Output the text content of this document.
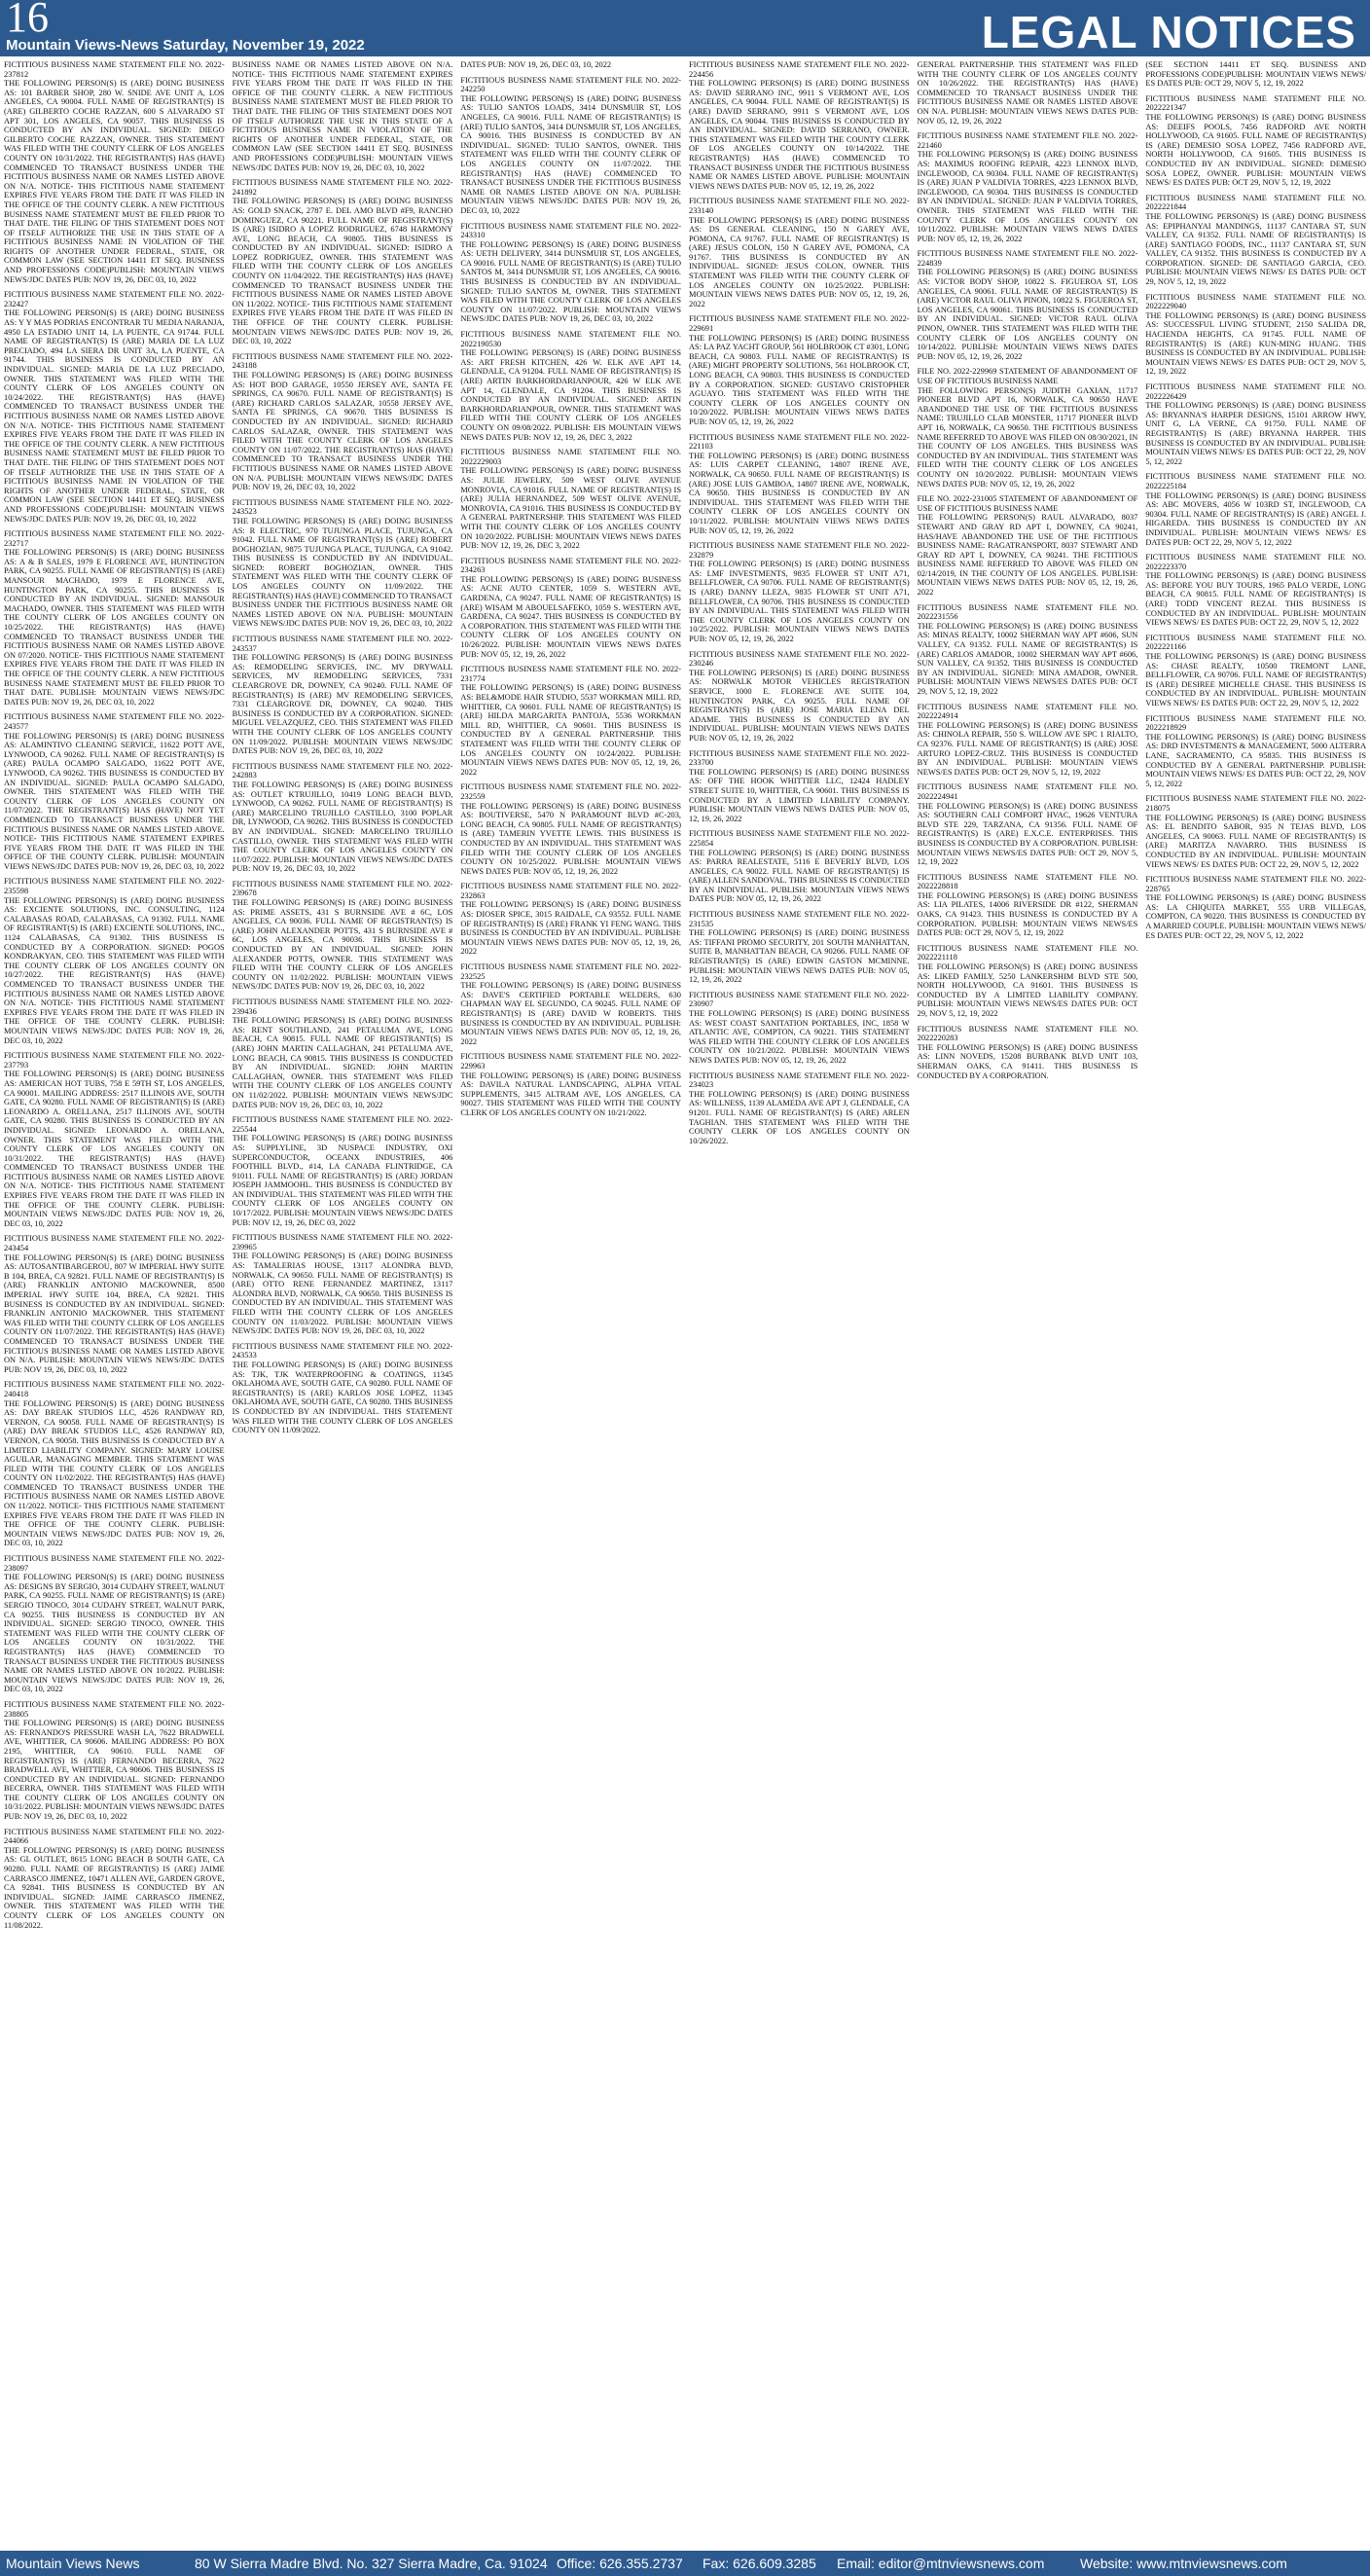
16
Mountain Views-News Saturday, November 19, 2022	LEGAL NOTICES
FICTITIOUS BUSINESS NAME STATEMENT FILE NO. 2022-237812
THE FOLLOWING PERSON(S) IS (ARE) DOING BUSINESS AS: 101 BARBER SHOP, 280 W. SNIDE AVE UNIT A, LOS ANGELES, CA 90004. FULL NAME OF REGISTRANT(S) IS (ARE) GILBERTO COCHE RAZZAN, 600 S ALVARADO ST APT 301, LOS ANGELES, CA 90057. THIS BUSINESS IS CONDUCTED BY AN INDIVIDUAL. SIGNED: DIEGO GILBERTO COCHE RAZZAN, OWNER. THIS STATEMENT WAS FILED WITH THE COUNTY CLERK OF LOS ANGELES COUNTY ON 10/31/2022. THE REGISTRANT(S) HAS (HAVE) COMMENCED TO TRANSACT BUSINESS UNDER THE FICTITIOUS BUSINESS NAME OR NAMES LISTED ABOVE ON N/A. NOTICE- THIS FICTITIOUS NAME STATEMENT EXPIRES FIVE YEARS FROM THE DATE IT WAS FILED IN THE OFFICE OF THE COUNTY CLERK. A NEW FICTITIOUS BUSINESS NAME STATEMENT MUST BE FILED PRIOR TO THAT DATE. THE FILING OF THIS STATEMENT DOES NOT OF ITSELF AUTHORIZE THE USE IN THIS STATE OF A FICTITIOUS BUSINESS NAME IN VIOLATION OF THE RIGHTS OF ANOTHER UNDER FEDERAL, STATE, OR COMMON LAW (SEE SECTION 14411 ET SEQ. BUSINESS AND PROFESSIONS CODE)PUBLISH: MOUNTAIN VIEWS NEWS/JDC DATES PUB: NOV 19, 26, DEC 03, 10, 2022
FICTITIOUS BUSINESS NAME STATEMENT FILE NO. 2022-232427
THE FOLLOWING PERSON(S) IS (ARE) DOING BUSINESS AS: Y Y MAS PODRIAS ENCONTRAR TU MEDIA NARANJA, 4950 LA ESTADIO UNIT 14, LA PUENTE, CA 91744. FULL NAME OF REGISTRANT(S) IS (ARE) MARIA DE LA LUZ PRECIADO, 494 LA SIERA DR UNIT 3A, LA PUENTE, CA 91744. THIS BUSINESS IS CONDUCTED BY AN INDIVIDUAL. SIGNED: MARIA DE LA LUZ PRECIADO, OWNER. THIS STATEMENT WAS FILED WITH THE COUNTY CLERK OF LOS ANGELES COUNTY ON 10/24/2022. THE REGISTRANT(S) HAS (HAVE) COMMENCED TO TRANSACT BUSINESS UNDER THE FICTITIOUS BUSINESS NAME OR NAMES LISTED ABOVE ON N/A. NOTICE- THIS FICTITIOUS NAME STATEMENT EXPIRES FIVE YEARS FROM THE DATE IT WAS FILED IN THE OFFICE OF THE COUNTY CLERK. A NEW FICTITIOUS BUSINESS NAME STATEMENT MUST BE FILED PRIOR TO THAT DATE. THE FILING OF THIS STATEMENT DOES NOT OF ITSELF AUTHORIZE THE USE IN THIS STATE OF A FICTITIOUS BUSINESS NAME IN VIOLATION OF THE RIGHTS OF ANOTHER UNDER FEDERAL, STATE, OR COMMON LAW (SEE SECTION 14411 ET SEQ. BUSINESS AND PROFESSIONS CODE)PUBLISH: MOUNTAIN VIEWS NEWS/JDC DATES PUB: NOV 19, 26, DEC 03, 10, 2022
FICTITIOUS BUSINESS NAME STATEMENT FILE NO. 2022-232717
THE FOLLOWING PERSON(S) IS (ARE) DOING BUSINESS AS: A & B SALES, 1979 E FLORENCE AVE, HUNTINGTON PARK, CA 90255. FULL NAME OF REGISTRANT(S) IS (ARE) MANSOUR MACHADO, 1979 E FLORENCE AVE, HUNTINGTON PARK, CA 90255. THIS BUSINESS IS CONDUCTED BY AN INDIVIDUAL. SIGNED: MANSOUR MACHADO, OWNER. THIS STATEMENT WAS FILED WITH THE COUNTY CLERK OF LOS ANGELES COUNTY ON 10/25/2022. THE REGISTRANT(S) HAS (HAVE) COMMENCED TO TRANSACT BUSINESS UNDER THE FICTITIOUS BUSINESS NAME OR NAMES LISTED ABOVE ON 07/2020. NOTICE- THIS FICTITIOUS NAME STATEMENT EXPIRES FIVE YEARS FROM THE DATE IT WAS FILED IN THE OFFICE OF THE COUNTY CLERK. A NEW FICTITIOUS BUSINESS NAME STATEMENT MUST BE FILED PRIOR TO THAT DATE. PUBLISH: MOUNTAIN VIEWS NEWS/JDC DATES PUB: NOV 19, 26, DEC 03, 10, 2022
FICTITIOUS BUSINESS NAME STATEMENT FILE NO. 2022-243577
THE FOLLOWING PERSON(S) IS (ARE) DOING BUSINESS AS: ALAMINTIVO CLEANING SERVICE, 11622 POTT AVE, LYNWOOD, CA 90262. FULL NAME OF REGISTRANT(S) IS (ARE) PAULA OCAMPO SALGADO, 11622 POTT AVE, LYNWOOD, CA 90262. THIS BUSINESS IS CONDUCTED BY AN INDIVIDUAL. SIGNED: PAULA OCAMPO SALGADO, OWNER. THIS STATEMENT WAS FILED WITH THE COUNTY CLERK OF LOS ANGELES COUNTY ON 11/07/2022. THE REGISTRANT(S) HAS (HAVE) NOT YET COMMENCED TO TRANSACT BUSINESS UNDER THE FICTITIOUS BUSINESS NAME OR NAMES LISTED ABOVE. NOTICE- THIS FICTITIOUS NAME STATEMENT EXPIRES FIVE YEARS FROM THE DATE IT WAS FILED IN THE OFFICE OF THE COUNTY CLERK. PUBLISH: MOUNTAIN VIEWS NEWS/JDC DATES PUB: NOV 19, 26, DEC 03, 10, 2022
FICTITIOUS BUSINESS NAME STATEMENT FILE NO. 2022-235598
THE FOLLOWING PERSON(S) IS (ARE) DOING BUSINESS AS: EXCIENTE SOLUTIONS, INC. CONSULTING, 1124 CALABASAS ROAD, CALABASAS, CA 91302. FULL NAME OF REGISTRANT(S) IS (ARE) EXCIENTE SOLUTIONS, INC., 1124 CALABASAS, CA 91302. THIS BUSINESS IS CONDUCTED BY A CORPORATION. SIGNED: POGOS KONDRAKYAN, CEO. THIS STATEMENT WAS FILED WITH THE COUNTY CLERK OF LOS ANGELES COUNTY ON 10/27/2022. THE REGISTRANT(S) HAS (HAVE) COMMENCED TO TRANSACT BUSINESS UNDER THE FICTITIOUS BUSINESS NAME OR NAMES LISTED ABOVE ON N/A. NOTICE- THIS FICTITIOUS NAME STATEMENT EXPIRES FIVE YEARS FROM THE DATE IT WAS FILED IN THE OFFICE OF THE COUNTY CLERK. PUBLISH: MOUNTAIN VIEWS NEWS/JDC DATES PUB: NOV 19, 26, DEC 03, 10, 2022
FICTITIOUS BUSINESS NAME STATEMENT FILE NO. 2022-237793
THE FOLLOWING PERSON(S) IS (ARE) DOING BUSINESS AS: AMERICAN HOT TUBS, 758 E 59TH ST, LOS ANGELES, CA 90001. MAILING ADDRESS: 2517 ILLINOIS AVE, SOUTH GATE, CA 90280. FULL NAME OF REGISTRANT(S) IS (ARE) LEONARDO A. ORELLANA, 2517 ILLINOIS AVE, SOUTH GATE, CA 90280. THIS BUSINESS IS CONDUCTED BY AN INDIVIDUAL. SIGNED: LEONARDO A. ORELLANA, OWNER. THIS STATEMENT WAS FILED WITH THE COUNTY CLERK OF LOS ANGELES COUNTY ON 10/31/2022. THE REGISTRANT(S) HAS (HAVE) COMMENCED TO TRANSACT BUSINESS UNDER THE FICTITIOUS BUSINESS NAME OR NAMES LISTED ABOVE ON N/A. NOTICE- THIS FICTITIOUS NAME STATEMENT EXPIRES FIVE YEARS FROM THE DATE IT WAS FILED IN THE OFFICE OF THE COUNTY CLERK. PUBLISH: MOUNTAIN VIEWS NEWS/JDC DATES PUB: NOV 19, 26, DEC 03, 10, 2022
FICTITIOUS BUSINESS NAME STATEMENT FILE NO. 2022-243454
THE FOLLOWING PERSON(S) IS (ARE) DOING BUSINESS AS: AUTOSANTIBARGEROU, 807 W IMPERIAL HWY SUITE B 104, BREA, CA 92821. FULL NAME OF REGISTRANT(S) IS (ARE) FRANKLIN ANTONIO MACKOWNER, 8500 IMPERIAL HWY SUITE 104, BREA, CA 92821. THIS BUSINESS IS CONDUCTED BY AN INDIVIDUAL. SIGNED: FRANKLIN ANTONIO MACKOWNER. THIS STATEMENT WAS FILED WITH THE COUNTY CLERK OF LOS ANGELES COUNTY ON 11/07/2022. THE REGISTRANT(S) HAS (HAVE) COMMENCED TO TRANSACT BUSINESS UNDER THE FICTITIOUS BUSINESS NAME OR NAMES LISTED ABOVE ON N/A. PUBLISH: MOUNTAIN VIEWS NEWS/JDC DATES PUB: NOV 19, 26, DEC 03, 10, 2022
FICTITIOUS BUSINESS NAME STATEMENT FILE NO. 2022-240418
THE FOLLOWING PERSON(S) IS (ARE) DOING BUSINESS AS: DAY BREAK STUDIOS LLC, 4526 RANDWAY RD, VERNON, CA 90058. FULL NAME OF REGISTRANT(S) IS (ARE) DAY BREAK STUDIOS LLC, 4526 RANDWAY RD, VERNON, CA 90058. THIS BUSINESS IS CONDUCTED BY A LIMITED LIABILITY COMPANY. SIGNED: MARY LOUISE AGUILAR, MANAGING MEMBER. THIS STATEMENT WAS FILED WITH THE COUNTY CLERK OF LOS ANGELES COUNTY ON 11/02/2022. THE REGISTRANT(S) HAS (HAVE) COMMENCED TO TRANSACT BUSINESS UNDER THE FICTITIOUS BUSINESS NAME OR NAMES LISTED ABOVE ON 11/2022. NOTICE- THIS FICTITIOUS NAME STATEMENT EXPIRES FIVE YEARS FROM THE DATE IT WAS FILED IN THE OFFICE OF THE COUNTY CLERK. PUBLISH: MOUNTAIN VIEWS NEWS/JDC DATES PUB: NOV 19, 26, DEC 03, 10, 2022
FICTITIOUS BUSINESS NAME STATEMENT FILE NO. 2022-238097
THE FOLLOWING PERSON(S) IS (ARE) DOING BUSINESS AS: DESIGNS BY SERGIO, 3014 CUDAHY STREET, WALNUT PARK, CA 90255. FULL NAME OF REGISTRANT(S) IS (ARE) SERGIO TINOCO, 3014 CUDAHY STREET, WALNUT PARK, CA 90255. THIS BUSINESS IS CONDUCTED BY AN INDIVIDUAL. SIGNED: SERGIO TINOCO, OWNER. THIS STATEMENT WAS FILED WITH THE COUNTY CLERK OF LOS ANGELES COUNTY ON 10/31/2022. THE REGISTRANT(S) HAS (HAVE) COMMENCED TO TRANSACT BUSINESS UNDER THE FICTITIOUS BUSINESS NAME OR NAMES LISTED ABOVE ON 10/2022. PUBLISH: MOUNTAIN VIEWS NEWS/JDC DATES PUB: NOV 19, 26, DEC 03, 10, 2022
FICTITIOUS BUSINESS NAME STATEMENT FILE NO. 2022-238805
THE FOLLOWING PERSON(S) IS (ARE) DOING BUSINESS AS: FERNANDO'S PRESSURE WASH LA, 7622 BRADWELL AVE, WHITTIER, CA 90606. MAILING ADDRESS: PO BOX 2195, WHITTIER, CA 90610. FULL NAME OF REGISTRANT(S) IS (ARE) FERNANDO BECERRA, 7622 BRADWELL AVE, WHITTIER, CA 90606. THIS BUSINESS IS CONDUCTED BY AN INDIVIDUAL. SIGNED: FERNANDO BECERRA, OWNER. THIS STATEMENT WAS FILED WITH THE COUNTY CLERK OF LOS ANGELES COUNTY ON 10/31/2022. PUBLISH: MOUNTAIN VIEWS NEWS/JDC DATES PUB: NOV 19, 26, DEC 03, 10, 2022
FICTITIOUS BUSINESS NAME STATEMENT FILE NO. 2022-244066
THE FOLLOWING PERSON(S) IS (ARE) DOING BUSINESS AS: GL OUTLET, 8615 LONG BEACH B SOUTH GATE, CA 90280. FULL NAME OF REGISTRANT(S) IS (ARE) JAIME CARRASCO JIMENEZ, 10471 ALLEN AVE, GARDEN GROVE, CA 92841. THIS BUSINESS IS CONDUCTED BY AN INDIVIDUAL. SIGNED: JAIME CARRASCO JIMENEZ, OWNER. THIS STATEMENT WAS FILED WITH THE COUNTY CLERK OF LOS ANGELES COUNTY ON 11/08/2022.
BUSINESS NAME OR NAMES LISTED ABOVE ON N/A. NOTICE- THIS FICTITIOUS NAME STATEMENT EXPIRES FIVE YEARS FROM THE DATE IT WAS FILED IN THE OFFICE OF THE COUNTY CLERK. A NEW FICTITIOUS BUSINESS NAME STATEMENT MUST BE FILED PRIOR TO THAT DATE. THE FILING OF THIS STATEMENT DOES NOT OF ITSELF AUTHORIZE THE USE IN THIS STATE OF A FICTITIOUS BUSINESS NAME IN VIOLATION OF THE RIGHTS OF ANOTHER UNDER FEDERAL, STATE, OR COMMON LAW (SEE SECTION 14411 ET SEQ. BUSINESS AND PROFESSIONS CODE)PUBLISH: MOUNTAIN VIEWS NEWS/JDC DATES PUB: NOV 19, 26, DEC 03, 10, 2022
FICTITIOUS BUSINESS NAME STATEMENT FILE NO. 2022-241892
THE FOLLOWING PERSON(S) IS (ARE) DOING BUSINESS AS: GOLD SNACK, 2787 E. DEL AMO BLVD #F9, RANCHO DOMINGUEZ, CA 90221. FULL NAME OF REGISTRANT(S) IS (ARE) ISIDRO A LOPEZ RODRIGUEZ, 6748 HARMONY AVE, LONG BEACH, CA 90805. THIS BUSINESS IS CONDUCTED BY AN INDIVIDUAL. SIGNED: ISIDRO A LOPEZ RODRIGUEZ, OWNER. THIS STATEMENT WAS FILED WITH THE COUNTY CLERK OF LOS ANGELES COUNTY ON 11/04/2022. THE REGISTRANT(S) HAS (HAVE) COMMENCED TO TRANSACT BUSINESS UNDER THE FICTITIOUS BUSINESS NAME OR NAMES LISTED ABOVE ON 11/2022. NOTICE- THIS FICTITIOUS NAME STATEMENT EXPIRES FIVE YEARS FROM THE DATE IT WAS FILED IN THE OFFICE OF THE COUNTY CLERK. PUBLISH: MOUNTAIN VIEWS NEWS/JDC DATES PUB: NOV 19, 26, DEC 03, 10, 2022
FICTITIOUS BUSINESS NAME STATEMENT FILE NO. 2022-243188
THE FOLLOWING PERSON(S) IS (ARE) DOING BUSINESS AS: HOT BOD GARAGE, 10550 JERSEY AVE, SANTA FE SPRINGS, CA 90670. FULL NAME OF REGISTRANT(S) IS (ARE) RICHARD CARLOS SALAZAR, 10558 JERSEY AVE, SANTA FE SPRINGS, CA 90670. THIS BUSINESS IS CONDUCTED BY AN INDIVIDUAL. SIGNED: RICHARD CARLOS SALAZAR, OWNER. THIS STATEMENT WAS FILED WITH THE COUNTY CLERK OF LOS ANGELES COUNTY ON 11/07/2022. THE REGISTRANT(S) HAS (HAVE) COMMENCED TO TRANSACT BUSINESS UNDER THE FICTITIOUS BUSINESS NAME OR NAMES LISTED ABOVE ON N/A. PUBLISH: MOUNTAIN VIEWS NEWS/JDC DATES PUB: NOV 19, 26, DEC 03, 10, 2022
FICTITIOUS BUSINESS NAME STATEMENT FILE NO. 2022-243523
THE FOLLOWING PERSON(S) IS (ARE) DOING BUSINESS AS: R ELECTRIC, 970 TUJUNGA PLACE, TUJUNGA, CA 91042. FULL NAME OF REGISTRANT(S) IS (ARE) ROBERT BOGHOZIAN, 9875 TUJUNGA PLACE, TUJUNGA, CA 91042. THIS BUSINESS IS CONDUCTED BY AN INDIVIDUAL. SIGNED: ROBERT BOGHOZIAN, OWNER. THIS STATEMENT WAS FILED WITH THE COUNTY CLERK OF LOS ANGELES COUNTY ON 11/09/2022. THE REGISTRANT(S) HAS (HAVE) COMMENCED TO TRANSACT BUSINESS UNDER THE FICTITIOUS BUSINESS NAME OR NAMES LISTED ABOVE ON N/A. PUBLISH: MOUNTAIN VIEWS NEWS/JDC DATES PUB: NOV 19, 26, DEC 03, 10, 2022
FICTITIOUS BUSINESS NAME STATEMENT FILE NO. 2022-243537
THE FOLLOWING PERSON(S) IS (ARE) DOING BUSINESS AS: REMODELING SERVICES, INC. MV DRYWALL SERVICES, MV REMODELING SERVICES, 7331 CLEARGROVE DR, DOWNEY, CA 90240. FULL NAME OF REGISTRANT(S) IS (ARE) MV REMODELING SERVICES, 7331 CLEARGROVE DR, DOWNEY, CA 90240. THIS BUSINESS IS CONDUCTED BY A CORPORATION. SIGNED: MIGUEL VELAZQUEZ, CEO. THIS STATEMENT WAS FILED WITH THE COUNTY CLERK OF LOS ANGELES COUNTY ON 11/09/2022. PUBLISH: MOUNTAIN VIEWS NEWS/JDC DATES PUB: NOV 19, 26, DEC 03, 10, 2022
FICTITIOUS BUSINESS NAME STATEMENT FILE NO. 2022-242883
THE FOLLOWING PERSON(S) IS (ARE) DOING BUSINESS AS: OUTLET KTRUJILLO, 10419 LONG BEACH BLVD, LYNWOOD, CA 90262. FULL NAME OF REGISTRANT(S) IS (ARE) MARCELINO TRUJILLO CASTILLO, 3100 POPLAR DR, LYNWOOD, CA 90262. THIS BUSINESS IS CONDUCTED BY AN INDIVIDUAL. SIGNED: MARCELINO TRUJILLO CASTILLO, OWNER. THIS STATEMENT WAS FILED WITH THE COUNTY CLERK OF LOS ANGELES COUNTY ON 11/07/2022. PUBLISH: MOUNTAIN VIEWS NEWS/JDC DATES PUB: NOV 19, 26, DEC 03, 10, 2022
FICTITIOUS BUSINESS NAME STATEMENT FILE NO. 2022-239678
THE FOLLOWING PERSON(S) IS (ARE) DOING BUSINESS AS: PRIME ASSETS, 431 S BURNSIDE AVE # 6C, LOS ANGELES, CA 90036. FULL NAME OF REGISTRANT(S) IS (ARE) JOHN ALEXANDER POTTS, 431 S BURNSIDE AVE # 6C, LOS ANGELES, CA 90036. THIS BUSINESS IS CONDUCTED BY AN INDIVIDUAL. SIGNED: JOHN ALEXANDER POTTS, OWNER. THIS STATEMENT WAS FILED WITH THE COUNTY CLERK OF LOS ANGELES COUNTY ON 11/02/2022. PUBLISH: MOUNTAIN VIEWS NEWS/JDC DATES PUB: NOV 19, 26, DEC 03, 10, 2022
FICTITIOUS BUSINESS NAME STATEMENT FILE NO. 2022-239436
THE FOLLOWING PERSON(S) IS (ARE) DOING BUSINESS AS: RENT SOUTHLAND, 241 PETALUMA AVE, LONG BEACH, CA 90815. FULL NAME OF REGISTRANT(S) IS (ARE) JOHN MARTIN CALLAGHAN, 241 PETALUMA AVE, LONG BEACH, CA 90815. THIS BUSINESS IS CONDUCTED BY AN INDIVIDUAL. SIGNED: JOHN MARTIN CALLAGHAN, OWNER. THIS STATEMENT WAS FILED WITH THE COUNTY CLERK OF LOS ANGELES COUNTY ON 11/02/2022. PUBLISH: MOUNTAIN VIEWS NEWS/JDC DATES PUB: NOV 19, 26, DEC 03, 10, 2022
FICTITIOUS BUSINESS NAME STATEMENT FILE NO. 2022-225544
THE FOLLOWING PERSON(S) IS (ARE) DOING BUSINESS AS: SUPPLYLINE, 3D NUSPACE INDUSTRY, OXI SUPERCONDUCTOR, OCEANX INDUSTRIES, 406 FOOTHILL BLVD., #14, LA CANADA FLINTRIDGE, CA 91011. FULL NAME OF REGISTRANT(S) IS (ARE) JORDAN JOSEPH JAMMOOHL. THIS BUSINESS IS CONDUCTED BY AN INDIVIDUAL. THIS STATEMENT WAS FILED WITH THE COUNTY CLERK OF LOS ANGELES COUNTY ON 10/17/2022. PUBLISH: MOUNTAIN VIEWS NEWS/JDC DATES PUB: NOV 12, 19, 26, DEC 03, 2022
FICTITIOUS BUSINESS NAME STATEMENT FILE NO. 2022-239965
THE FOLLOWING PERSON(S) IS (ARE) DOING BUSINESS AS: TAMALERIAS HOUSE, 13117 ALONDRA BLVD, NORWALK, CA 90650. FULL NAME OF REGISTRANT(S) IS (ARE) OTTO RENE FERNANDEZ MARTINEZ, 13117 ALONDRA BLVD, NORWALK, CA 90650. THIS BUSINESS IS CONDUCTED BY AN INDIVIDUAL. THIS STATEMENT WAS FILED WITH THE COUNTY CLERK OF LOS ANGELES COUNTY ON 11/03/2022. PUBLISH: MOUNTAIN VIEWS NEWS/JDC DATES PUB: NOV 19, 26, DEC 03, 10, 2022
FICTITIOUS BUSINESS NAME STATEMENT FILE NO. 2022-243533
THE FOLLOWING PERSON(S) IS (ARE) DOING BUSINESS AS: TJK, TJK WATERPROOFING & COATINGS, 11345 OKLAHOMA AVE, SOUTH GATE, CA 90280. FULL NAME OF REGISTRANT(S) IS (ARE) KARLOS JOSE LOPEZ, 11345 OKLAHOMA AVE, SOUTH GATE, CA 90280. THIS BUSINESS IS CONDUCTED BY AN INDIVIDUAL. THIS STATEMENT WAS FILED WITH THE COUNTY CLERK OF LOS ANGELES COUNTY ON 11/09/2022.
DATES PUB: NOV 19, 26, DEC 03, 10, 2022
FICTITIOUS BUSINESS NAME STATEMENT FILE NO. 2022-242250
THE FOLLOWING PERSON(S) IS (ARE) DOING BUSINESS AS: TULIO SANTOS LOADS, 3414 DUNSMUIR ST, LOS ANGELES, CA 90016. FULL NAME OF REGISTRANT(S) IS (ARE) TULIO SANTOS, 3414 DUNSMUIR ST, LOS ANGELES, CA 90016. THIS BUSINESS IS CONDUCTED BY AN INDIVIDUAL. SIGNED: TULIO SANTOS, OWNER. THIS STATEMENT WAS FILED WITH THE COUNTY CLERK OF LOS ANGELES COUNTY ON 11/07/2022. THE REGISTRANT(S) HAS (HAVE) COMMENCED TO TRANSACT BUSINESS UNDER THE FICTITIOUS BUSINESS NAME OR NAMES LISTED ABOVE ON N/A. PUBLISH: MOUNTAIN VIEWS NEWS/JDC DATES PUB: NOV 19, 26, DEC 03, 10, 2022
FICTITIOUS BUSINESS NAME STATEMENT FILE NO. 2022-243310
THE FOLLOWING PERSON(S) IS (ARE) DOING BUSINESS AS: UETH DELIVERY, 3414 DUNSMUIR ST, LOS ANGELES, CA 90016. FULL NAME OF REGISTRANT(S) IS (ARE) TULIO SANTOS M, 3414 DUNSMUIR ST, LOS ANGELES, CA 90016. THIS BUSINESS IS CONDUCTED BY AN INDIVIDUAL. SIGNED: TULIO SANTOS M, OWNER. THIS STATEMENT WAS FILED WITH THE COUNTY CLERK OF LOS ANGELES COUNTY ON 11/07/2022. PUBLISH: MOUNTAIN VIEWS NEWS/JDC DATES PUB: NOV 19, 26, DEC 03, 10, 2022
FICTITIOUS BUSINESS NAME STATEMENT FILE NO. 2022190530
THE FOLLOWING PERSON(S) IS (ARE) DOING BUSINESS AS: ART FRESH KITCHEN, 426 W. ELK AVE APT 14, GLENDALE, CA 91204. FULL NAME OF REGISTRANT(S) IS (ARE) ARTIN BARKHORDARIANPOUR, 426 W ELK AVE APT 14, GLENDALE, CA 91204. THIS BUSINESS IS CONDUCTED BY AN INDIVIDUAL. SIGNED: ARTIN BARKHORDARIANPOUR, OWNER. THIS STATEMENT WAS FILED WITH THE COUNTY CLERK OF LOS ANGELES COUNTY ON 09/08/2022. PUBLISH: EIS MOUNTAIN VIEWS NEWS DATES PUB: NOV 12, 19, 26, DEC 3, 2022
FICTITIOUS BUSINESS NAME STATEMENT FILE NO. 2022229003
THE FOLLOWING PERSON(S) IS (ARE) DOING BUSINESS AS: JULIE JEWELRY, 509 WEST OLIVE AVENUE MONROVIA, CA 91016. FULL NAME OF REGISTRANT(S) IS (ARE) JULIA HERNANDEZ, 509 WEST OLIVE AVENUE, MONROVIA, CA 91016. THIS BUSINESS IS CONDUCTED BY A GENERAL PARTNERSHIP. THIS STATEMENT WAS FILED WITH THE COUNTY CLERK OF LOS ANGELES COUNTY ON 10/20/2022. PUBLISH: MOUNTAIN VIEWS NEWS DATES PUB: NOV 12, 19, 26, DEC 3, 2022
FICTITIOUS BUSINESS NAME STATEMENT FILE NO. 2022-234263
THE FOLLOWING PERSON(S) IS (ARE) DOING BUSINESS AS: ACNE AUTO CENTER, 1059 S. WESTERN AVE, GARDENA, CA 90247. FULL NAME OF REGISTRANT(S) IS (ARE) WISAM M ABOUELSAFEKO, 1059 S. WESTERN AVE, GARDENA, CA 90247. THIS BUSINESS IS CONDUCTED BY A CORPORATION. THIS STATEMENT WAS FILED WITH THE COUNTY CLERK OF LOS ANGELES COUNTY ON 10/26/2022. PUBLISH: MOUNTAIN VIEWS NEWS DATES PUB: NOV 05, 12, 19, 26, 2022
FICTITIOUS BUSINESS NAME STATEMENT FILE NO. 2022-231774
THE FOLLOWING PERSON(S) IS (ARE) DOING BUSINESS AS: BEL&MODE HAIR STUDIO, 5537 WORKMAN MILL RD, WHITTIER, CA 90601. FULL NAME OF REGISTRANT(S) IS (ARE) HILDA MARGARITA PANTOJA, 5536 WORKMAN MILL RD, WHITTIER, CA 90601. THIS BUSINESS IS CONDUCTED BY A GENERAL PARTNERSHIP. THIS STATEMENT WAS FILED WITH THE COUNTY CLERK OF LOS ANGELES COUNTY ON 10/24/2022. PUBLISH: MOUNTAIN VIEWS NEWS DATES PUB: NOV 05, 12, 19, 26, 2022
FICTITIOUS BUSINESS NAME STATEMENT FILE NO. 2022-232559
THE FOLLOWING PERSON(S) IS (ARE) DOING BUSINESS AS: BOUTIVERSE, 5470 N PARAMOUNT BLVD #C-203, LONG BEACH, CA 90805. FULL NAME OF REGISTRANT(S) IS (ARE) TAMERIN YVETTE LEWIS. THIS BUSINESS IS CONDUCTED BY AN INDIVIDUAL. THIS STATEMENT WAS FILED WITH THE COUNTY CLERK OF LOS ANGELES COUNTY ON 10/25/2022. PUBLISH: MOUNTAIN VIEWS NEWS DATES PUB: NOV 05, 12, 19, 26, 2022
FICTITIOUS BUSINESS NAME STATEMENT FILE NO. 2022-232863
THE FOLLOWING PERSON(S) IS (ARE) DOING BUSINESS AS: DIOSER SPICE, 3015 RAIDALE, CA 93552. FULL NAME OF REGISTRANT(S) IS (ARE) FRANK YI FENG WANG. THIS BUSINESS IS CONDUCTED BY AN INDIVIDUAL. PUBLISH: MOUNTAIN VIEWS NEWS DATES PUB: NOV 05, 12, 19, 26, 2022
FICTITIOUS BUSINESS NAME STATEMENT FILE NO. 2022-232525
THE FOLLOWING PERSON(S) IS (ARE) DOING BUSINESS AS: DAVE'S CERTIFIED PORTABLE WELDERS, 630 CHAPMAN WAY EL SEGUNDO, CA 90245. FULL NAME OF REGISTRANT(S) IS (ARE) DAVID W ROBERTS. THIS BUSINESS IS CONDUCTED BY AN INDIVIDUAL. PUBLISH: MOUNTAIN VIEWS NEWS DATES PUB: NOV 05, 12, 19, 26, 2022
FICTITIOUS BUSINESS NAME STATEMENT FILE NO. 2022-229963
THE FOLLOWING PERSON(S) IS (ARE) DOING BUSINESS AS: DAVILA NATURAL LANDSCAPING, ALPHA VITAL SUPPLEMENTS, 3415 ALTRAM AVE, LOS ANGELES, CA 90027. THIS STATEMENT WAS FILED WITH THE COUNTY CLERK OF LOS ANGELES COUNTY ON 10/21/2022.
FICTITIOUS BUSINESS NAME STATEMENT FILE NO. 2022-224456
THE FOLLOWING PERSON(S) IS (ARE) DOING BUSINESS AS: DAVID SERRANO INC, 9911 S VERMONT AVE, LOS ANGELES, CA 90044. FULL NAME OF REGISTRANT(S) IS (ARE) DAVID SERRANO, 9911 S VERMONT AVE, LOS ANGELES, CA 90044. THIS BUSINESS IS CONDUCTED BY AN INDIVIDUAL. SIGNED: DAVID SERRANO, OWNER. THIS STATEMENT WAS FILED WITH THE COUNTY CLERK OF LOS ANGELES COUNTY ON 10/14/2022. THE REGISTRANT(S) HAS (HAVE) COMMENCED TO TRANSACT BUSINESS UNDER THE FICTITIOUS BUSINESS NAME OR NAMES LISTED ABOVE. PUBLISH: MOUNTAIN VIEWS NEWS DATES PUB: NOV 05, 12, 19, 26, 2022
FICTITIOUS BUSINESS NAME STATEMENT FILE NO. 2022-233140
THE FOLLOWING PERSON(S) IS (ARE) DOING BUSINESS AS: DS GENERAL CLEANING, 150 N GAREY AVE, POMONA, CA 91767. FULL NAME OF REGISTRANT(S) IS (ARE) JESUS COLON, 150 N GAREY AVE, POMONA, CA 91767. THIS BUSINESS IS CONDUCTED BY AN INDIVIDUAL. SIGNED: JESUS COLON, OWNER. THIS STATEMENT WAS FILED WITH THE COUNTY CLERK OF LOS ANGELES COUNTY ON 10/25/2022. PUBLISH: MOUNTAIN VIEWS NEWS DATES PUB: NOV 05, 12, 19, 26, 2022
FICTITIOUS BUSINESS NAME STATEMENT FILE NO. 2022-229691
THE FOLLOWING PERSON(S) IS (ARE) DOING BUSINESS AS: LA PAZ YACHT GROUP, 561 HOLBROOK CT #301, LONG BEACH, CA 90803. FULL NAME OF REGISTRANT(S) IS (ARE) MIGHT PROPERTY SOLUTIONS, 561 HOLBROOK CT, LONG BEACH, CA 90803. THIS BUSINESS IS CONDUCTED BY A CORPORATION. SIGNED: GUSTAVO CRISTOPHER AGUAYO. THIS STATEMENT WAS FILED WITH THE COUNTY CLERK OF LOS ANGELES COUNTY ON 10/20/2022. PUBLISH: MOUNTAIN VIEWS NEWS DATES PUB: NOV 05, 12, 19, 26, 2022
FICTITIOUS BUSINESS NAME STATEMENT FILE NO. 2022-221103
THE FOLLOWING PERSON(S) IS (ARE) DOING BUSINESS AS: LUIS CARPET CLEANING, 14807 IRENE AVE, NORWALK, CA 90650. FULL NAME OF REGISTRANT(S) IS (ARE) JOSE LUIS GAMBOA, 14807 IRENE AVE, NORWALK, CA 90650. THIS BUSINESS IS CONDUCTED BY AN INDIVIDUAL. THIS STATEMENT WAS FILED WITH THE COUNTY CLERK OF LOS ANGELES COUNTY ON 10/11/2022. PUBLISH: MOUNTAIN VIEWS NEWS DATES PUB: NOV 05, 12, 19, 26, 2022
FICTITIOUS BUSINESS NAME STATEMENT FILE NO. 2022-232879
THE FOLLOWING PERSON(S) IS (ARE) DOING BUSINESS AS: LMF INVESTMENTS, 9835 FLOWER ST UNIT A71, BELLFLOWER, CA 90706. FULL NAME OF REGISTRANT(S) IS (ARE) DANNY LLEZA, 9835 FLOWER ST UNIT A71, BELLFLOWER, CA 90706. THIS BUSINESS IS CONDUCTED BY AN INDIVIDUAL. THIS STATEMENT WAS FILED WITH THE COUNTY CLERK OF LOS ANGELES COUNTY ON 10/25/2022. PUBLISH: MOUNTAIN VIEWS NEWS DATES PUB: NOV 05, 12, 19, 26, 2022
FICTITIOUS BUSINESS NAME STATEMENT FILE NO. 2022-230246
THE FOLLOWING PERSON(S) IS (ARE) DOING BUSINESS AS: NORWALK MOTOR VEHICLES REGISTRATION SERVICE, 1000 E. FLORENCE AVE SUITE 104, HUNTINGTON PARK, CA 90255. FULL NAME OF REGISTRANT(S) IS (ARE) JOSE MARIA ELENA DEL ADAME. THIS BUSINESS IS CONDUCTED BY AN INDIVIDUAL. PUBLISH: MOUNTAIN VIEWS NEWS DATES PUB: NOV 05, 12, 19, 26, 2022
FICTITIOUS BUSINESS NAME STATEMENT FILE NO. 2022-233700
THE FOLLOWING PERSON(S) IS (ARE) DOING BUSINESS AS: OFF THE HOOK WHITTIER LLC, 12424 HADLEY STREET SUITE 10, WHITTIER, CA 90601. THIS BUSINESS IS CONDUCTED BY A LIMITED LIABILITY COMPANY. PUBLISH: MOUNTAIN VIEWS NEWS DATES PUB: NOV 05, 12, 19, 26, 2022
FICTITIOUS BUSINESS NAME STATEMENT FILE NO. 2022-225854
THE FOLLOWING PERSON(S) IS (ARE) DOING BUSINESS AS: PARRA REALESTATE, 5116 E BEVERLY BLVD, LOS ANGELES, CA 90022. FULL NAME OF REGISTRANT(S) IS (ARE) ALLEN SANDOVAL. THIS BUSINESS IS CONDUCTED BY AN INDIVIDUAL. PUBLISH: MOUNTAIN VIEWS NEWS DATES PUB: NOV 05, 12, 19, 26, 2022
FICTITIOUS BUSINESS NAME STATEMENT FILE NO. 2022-231535
THE FOLLOWING PERSON(S) IS (ARE) DOING BUSINESS AS: TIFFANI PROMO SECURITY, 201 SOUTH MANHATTAN, SUITE B, MANHATTAN BEACH, CA 90266. FULL NAME OF REGISTRANT(S) IS (ARE) EDWIN GASTON MCMINNE. PUBLISH: MOUNTAIN VIEWS NEWS DATES PUB: NOV 05, 12, 19, 26, 2022
FICTITIOUS BUSINESS NAME STATEMENT FILE NO. 2022-230907
THE FOLLOWING PERSON(S) IS (ARE) DOING BUSINESS AS: WEST COAST SANITATION PORTABLES, INC, 1858 W ATLANTIC AVE, COMPTON, CA 90221. THIS STATEMENT WAS FILED WITH THE COUNTY CLERK OF LOS ANGELES COUNTY ON 10/21/2022. PUBLISH: MOUNTAIN VIEWS NEWS DATES PUB: NOV 05, 12, 19, 26, 2022
FICTITIOUS BUSINESS NAME STATEMENT FILE NO. 2022-234023
THE FOLLOWING PERSON(S) IS (ARE) DOING BUSINESS AS: WILLNESS, 1139 ALAMEDA AVE APT J, GLENDALE, CA 91201. FULL NAME OF REGISTRANT(S) IS (ARE) ARLEN TAGHIAN. THIS STATEMENT WAS FILED WITH THE COUNTY CLERK OF LOS ANGELES COUNTY ON 10/26/2022.
GENERAL PARTNERSHIP. THIS STATEMENT WAS FILED WITH THE COUNTY CLERK OF LOS ANGELES COUNTY ON 10/26/2022. THE REGISTRANT(S) HAS (HAVE) COMMENCED TO TRANSACT BUSINESS UNDER THE FICTITIOUS BUSINESS NAME OR NAMES LISTED ABOVE ON N/A. PUBLISH: MOUNTAIN VIEWS NEWS DATES PUB: NOV 05, 12, 19, 26, 2022
FICTITIOUS BUSINESS NAME STATEMENT FILE NO. 2022-221460
THE FOLLOWING PERSON(S) IS (ARE) DOING BUSINESS AS: MAXIMUS ROOFING REPAIR, 4223 LENNOX BLVD, INGLEWOOD, CA 90304. FULL NAME OF REGISTRANT(S) IS (ARE) JUAN P VALDIVIA TORRES, 4223 LENNOX BLVD, INGLEWOOD, CA 90304. THIS BUSINESS IS CONDUCTED BY AN INDIVIDUAL. SIGNED: JUAN P VALDIVIA TORRES, OWNER. THIS STATEMENT WAS FILED WITH THE COUNTY CLERK OF LOS ANGELES COUNTY ON 10/11/2022. PUBLISH: MOUNTAIN VIEWS NEWS DATES PUB: NOV 05, 12, 19, 26, 2022
FICTITIOUS BUSINESS NAME STATEMENT FILE NO. 2022-224839
THE FOLLOWING PERSON(S) IS (ARE) DOING BUSINESS AS: VICTOR BODY SHOP, 10822 S. FIGUEROA ST, LOS ANGELES, CA 90061. FULL NAME OF REGISTRANT(S) IS (ARE) VICTOR RAUL OLIVA PINON, 10822 S. FIGUEROA ST, LOS ANGELES, CA 90061. THIS BUSINESS IS CONDUCTED BY AN INDIVIDUAL. SIGNED: VICTOR RAUL OLIVA PINON, OWNER. THIS STATEMENT WAS FILED WITH THE COUNTY CLERK OF LOS ANGELES COUNTY ON 10/14/2022. PUBLISH: MOUNTAIN VIEWS NEWS DATES PUB: NOV 05, 12, 19, 26, 2022
FILE NO. 2022-229969 STATEMENT OF ABANDONMENT OF USE OF FICTITIOUS BUSINESS NAME
THE FOLLOWING PERSON(S) JUDITH GAXIAN, 11717 PIONEER BLVD APT 16, NORWALK, CA 90650 HAVE ABANDONED THE USE OF THE FICTITIOUS BUSINESS NAME: TRUJILLO CLAB MONSTER, 11717 PIONEER BLVD APT 16, NORWALK, CA 90650. THE FICTITIOUS BUSINESS NAME REFERRED TO ABOVE WAS FILED ON 08/30/2021, IN THE COUNTY OF LOS ANGELES. THIS BUSINESS WAS CONDUCTED BY AN INDIVIDUAL. THIS STATEMENT WAS FILED WITH THE COUNTY CLERK OF LOS ANGELES COUNTY ON 10/20/2022. PUBLISH: MOUNTAIN VIEWS NEWS DATES PUB: NOV 05, 12, 19, 26, 2022
FILE NO. 2022-231005 STATEMENT OF ABANDONMENT OF USE OF FICTITIOUS BUSINESS NAME
THE FOLLOWING PERSON(S) RAUL ALVARADO, 8037 STEWART AND GRAY RD APT I, DOWNEY, CA 90241, HAS/HAVE ABANDONED THE USE OF THE FICTITIOUS BUSINESS NAME: RAGATRANSPORT, 8037 STEWART AND GRAY RD APT I, DOWNEY, CA 90241. THE FICTITIOUS BUSINESS NAME REFERRED TO ABOVE WAS FILED ON 02/14/2019, IN THE COUNTY OF LOS ANGELES. PUBLISH: MOUNTAIN VIEWS NEWS DATES PUB: NOV 05, 12, 19, 26, 2022
FICTITIOUS BUSINESS NAME STATEMENT FILE NO. 2022231556
THE FOLLOWING PERSON(S) IS (ARE) DOING BUSINESS AS: MINAS REALTY, 10002 SHERMAN WAY APT #606, SUN VALLEY, CA 91352. FULL NAME OF REGISTRANT(S) IS (ARE) CARLOS AMADOR, 10002 SHERMAN WAY APT #606, SUN VALLEY, CA 91352. THIS BUSINESS IS CONDUCTED BY AN INDIVIDUAL. SIGNED: MINA AMADOR, OWNER. PUBLISH: MOUNTAIN VIEWS NEWS/ES DATES PUB: OCT 29, NOV 5, 12, 19, 2022
FICTITIOUS BUSINESS NAME STATEMENT FILE NO. 2022224914
THE FOLLOWING PERSON(S) IS (ARE) DOING BUSINESS AS: CHINOLA REPAIR, 550 S. WILLOW AVE SPC 1 RIALTO, CA 92376. FULL NAME OF REGISTRANT(S) IS (ARE) JOSE ARTURO LOPEZ-CRUZ. THIS BUSINESS IS CONDUCTED BY AN INDIVIDUAL. PUBLISH: MOUNTAIN VIEWS NEWS/ES DATES PUB: OCT 29, NOV 5, 12, 19, 2022
FICTITIOUS BUSINESS NAME STATEMENT FILE NO. 2022224941
THE FOLLOWING PERSON(S) IS (ARE) DOING BUSINESS AS: SOUTHERN CALI COMFORT HVAC, 19626 VENTURA BLVD STE 229, TARZANA, CA 91356. FULL NAME OF REGISTRANT(S) IS (ARE) E.X.C.E. ENTERPRISES. THIS BUSINESS IS CONDUCTED BY A CORPORATION. PUBLISH: MOUNTAIN VIEWS NEWS/ES DATES PUB: OCT 29, NOV 5, 12, 19, 2022
FICTITIOUS BUSINESS NAME STATEMENT FILE NO. 2022228818
THE FOLLOWING PERSON(S) IS (ARE) DOING BUSINESS AS: LIA PILATES, 14006 RIVERSIDE DR #122, SHERMAN OAKS, CA 91423. THIS BUSINESS IS CONDUCTED BY A CORPORATION. PUBLISH: MOUNTAIN VIEWS NEWS/ES DATES PUB: OCT 29, NOV 5, 12, 19, 2022
FICTITIOUS BUSINESS NAME STATEMENT FILE NO. 2022221118
THE FOLLOWING PERSON(S) IS (ARE) DOING BUSINESS AS: LIKED FAMILY, 5250 LANKERSHIM BLVD STE 500, NORTH HOLLYWOOD, CA 91601. THIS BUSINESS IS CONDUCTED BY A LIMITED LIABILITY COMPANY. PUBLISH: MOUNTAIN VIEWS NEWS/ES DATES PUB: OCT 29, NOV 5, 12, 19, 2022
FICTITIOUS BUSINESS NAME STATEMENT FILE NO. 2022220283
THE FOLLOWING PERSON(S) IS (ARE) DOING BUSINESS AS: LINN NOVEDS, 15208 BURBANK BLVD UNIT 103, SHERMAN OAKS, CA 91411. THIS BUSINESS IS CONDUCTED BY A CORPORATION.
(SEE SECTION 14411 ET SEQ. BUSINESS AND PROFESSIONS CODE)PUBLISH: MOUNTAIN VIEWS NEWS/ ES DATES PUB: OCT 29, NOV 5, 12, 19, 2022
FICTITIOUS BUSINESS NAME STATEMENT FILE NO. 2022221347
THE FOLLOWING PERSON(S) IS (ARE) DOING BUSINESS AS: DEEIFS POOLS, 7456 RADFORD AVE NORTH HOLLYWOOD, CA 91605. FULL NAME OF REGISTRANT(S) IS (ARE) DEMESIO SOSA LOPEZ, 7456 RADFORD AVE, NORTH HOLLYWOOD, CA 91605. THIS BUSINESS IS CONDUCTED BY AN INDIVIDUAL. SIGNED: DEMESIO SOSA LOPEZ, OWNER. PUBLISH: MOUNTAIN VIEWS NEWS/ ES DATES PUB: OCT 29, NOV 5, 12, 19, 2022
FICTITIOUS BUSINESS NAME STATEMENT FILE NO. 2022221844
THE FOLLOWING PERSON(S) IS (ARE) DOING BUSINESS AS: EPIPHANYAI MANDINGS, 11137 CANTARA ST, SUN VALLEY, CA 91352. FULL NAME OF REGISTRANT(S) IS (ARE) SANTIAGO FOODS, INC., 11137 CANTARA ST, SUN VALLEY, CA 91352. THIS BUSINESS IS CONDUCTED BY A CORPORATION. SIGNED: DE SANTIAGO GARCIA, CEO. PUBLISH: MOUNTAIN VIEWS NEWS/ ES DATES PUB: OCT 29, NOV 5, 12, 19, 2022
FICTITIOUS BUSINESS NAME STATEMENT FILE NO. 2022229040
THE FOLLOWING PERSON(S) IS (ARE) DOING BUSINESS AS: SUCCESSFUL LIVING STUDENT, 2150 SALIDA DR, HACIENDA HEIGHTS, CA 91745. FULL NAME OF REGISTRANT(S) IS (ARE) KUN-MING HUANG. THIS BUSINESS IS CONDUCTED BY AN INDIVIDUAL. PUBLISH: MOUNTAIN VIEWS NEWS/ ES DATES PUB: OCT 29, NOV 5, 12, 19, 2022
FICTITIOUS BUSINESS NAME STATEMENT FILE NO. 2022226429
THE FOLLOWING PERSON(S) IS (ARE) DOING BUSINESS AS: BRYANNA'S HARPER DESIGNS, 15101 ARROW HWY, UNIT G, LA VERNE, CA 91750. FULL NAME OF REGISTRANT(S) IS (ARE) BRYANNA HARPER. THIS BUSINESS IS CONDUCTED BY AN INDIVIDUAL. PUBLISH: MOUNTAIN VIEWS NEWS/ ES DATES PUB: OCT 22, 29, NOV 5, 12, 2022
FICTITIOUS BUSINESS NAME STATEMENT FILE NO. 2022225184
THE FOLLOWING PERSON(S) IS (ARE) DOING BUSINESS AS: ABC MOVERS, 4056 W 103RD ST, INGLEWOOD, CA 90304. FULL NAME OF REGISTRANT(S) IS (ARE) ANGEL J. HIGAREDA. THIS BUSINESS IS CONDUCTED BY AN INDIVIDUAL. PUBLISH: MOUNTAIN VIEWS NEWS/ ES DATES PUB: OCT 22, 29, NOV 5, 12, 2022
FICTITIOUS BUSINESS NAME STATEMENT FILE NO. 2022223370
THE FOLLOWING PERSON(S) IS (ARE) DOING BUSINESS AS: BEFORE YOU BUY TOURS, 1965 PALO VERDE, LONG BEACH, CA 90815. FULL NAME OF REGISTRANT(S) IS (ARE) TODD VINCENT REZAI. THIS BUSINESS IS CONDUCTED BY AN INDIVIDUAL. PUBLISH: MOUNTAIN VIEWS NEWS/ ES DATES PUB: OCT 22, 29, NOV 5, 12, 2022
FICTITIOUS BUSINESS NAME STATEMENT FILE NO. 2022221166
THE FOLLOWING PERSON(S) IS (ARE) DOING BUSINESS AS: CHASE REALTY, 10500 TREMONT LANE, BELLFLOWER, CA 90706. FULL NAME OF REGISTRANT(S) IS (ARE) DESIREE MICHELLE CHASE. THIS BUSINESS IS CONDUCTED BY AN INDIVIDUAL. PUBLISH: MOUNTAIN VIEWS NEWS/ ES DATES PUB: OCT 22, 29, NOV 5, 12, 2022
FICTITIOUS BUSINESS NAME STATEMENT FILE NO. 2022218929
THE FOLLOWING PERSON(S) IS (ARE) DOING BUSINESS AS: DRD INVESTMENTS & MANAGEMENT, 5000 ALTERRA LANE, SACRAMENTO, CA 95835. THIS BUSINESS IS CONDUCTED BY A GENERAL PARTNERSHIP. PUBLISH: MOUNTAIN VIEWS NEWS/ ES DATES PUB: OCT 22, 29, NOV 5, 12, 2022
FICTITIOUS BUSINESS NAME STATEMENT FILE NO. 2022-218075
THE FOLLOWING PERSON(S) IS (ARE) DOING BUSINESS AS: EL BENDITO SABOR, 935 N TEJAS BLVD, LOS ANGELES, CA 90063. FULL NAME OF REGISTRANT(S) IS (ARE) MARITZA NAVARRO. THIS BUSINESS IS CONDUCTED BY AN INDIVIDUAL. PUBLISH: MOUNTAIN VIEWS NEWS/ ES DATES PUB: OCT 22, 29, NOV 5, 12, 2022
FICTITIOUS BUSINESS NAME STATEMENT FILE NO. 2022-228765
THE FOLLOWING PERSON(S) IS (ARE) DOING BUSINESS AS: LA CHIQUITA MARKET, 555 URB VILLEGAS, COMPTON, CA 90220. THIS BUSINESS IS CONDUCTED BY A MARRIED COUPLE. PUBLISH: MOUNTAIN VIEWS NEWS/ ES DATES PUB: OCT 22, 29, NOV 5, 12, 2022
Mountain Views News	80 W Sierra Madre Blvd. No. 327 Sierra Madre, Ca. 91024 Office: 626.355.2737 Fax: 626.609.3285 Email: editor@mtnviewsnews.com	Website: www.mtnviewsnews.com
